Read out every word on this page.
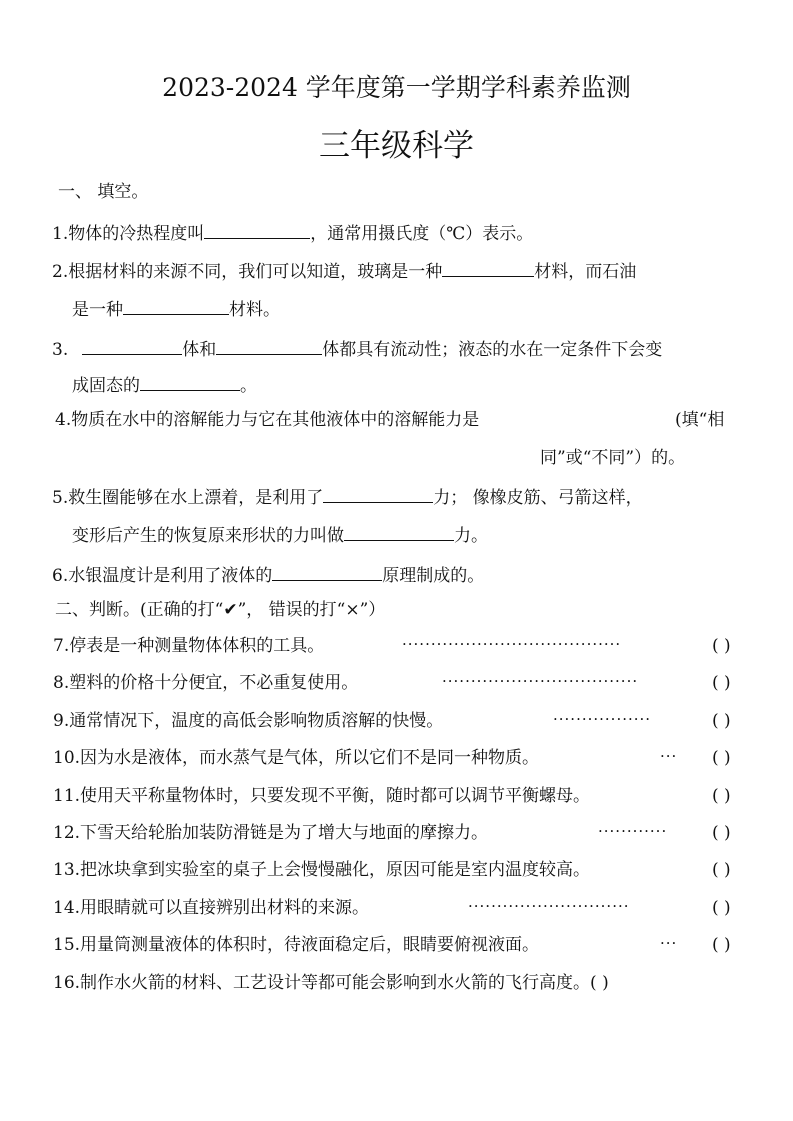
2023-2024 学年度第一学期学科素养监测
三年级科学
一、 填空。
1.物体的冷热程度叫	，通常用摄氏度（℃）表示。
2.根据材料的来源不同，我们可以知道，玻璃是一种	材料，而石油
是一种	材料。
3.	体和	体都具有流动性；液态的水在一定条件下会变
成固态的	。
4.物质在水中的溶解能力与它在其他液体中的溶解能力是	(填“相
同”或“不同”）的。
5.救生圈能够在水上漂着，是利用了	力； 像橡皮筋、弓箭这样，
变形后产生的恢复原来形状的力叫做	力。
6.水银温度计是利用了液体的	原理制成的。
二、判断。(正确的打“✔”， 错误的打“×”）
7.停表是一种测量物体体积的工具。	······································	( )
8.塑料的价格十分便宜，不必重复使用。	··································	( )
9.通常情况下，温度的高低会影响物质溶解的快慢。	·················	( )
10.因为水是液体，而水蒸气是气体，所以它们不是同一种物质。	···	( )
11.使用天平称量物体时，只要发现不平衡，随时都可以调节平衡螺母。	( )
12.下雪天给轮胎加装防滑链是为了增大与地面的摩擦力。	············	( )
13.把冰块拿到实验室的桌子上会慢慢融化，原因可能是室内温度较高。	( )
14.用眼睛就可以直接辨别出材料的来源。	····························	( )
15.用量筒测量液体的体积时，待液面稳定后，眼睛要俯视液面。	···	( )
16.制作水火箭的材料、工艺设计等都可能会影响到水火箭的飞行高度。( )
